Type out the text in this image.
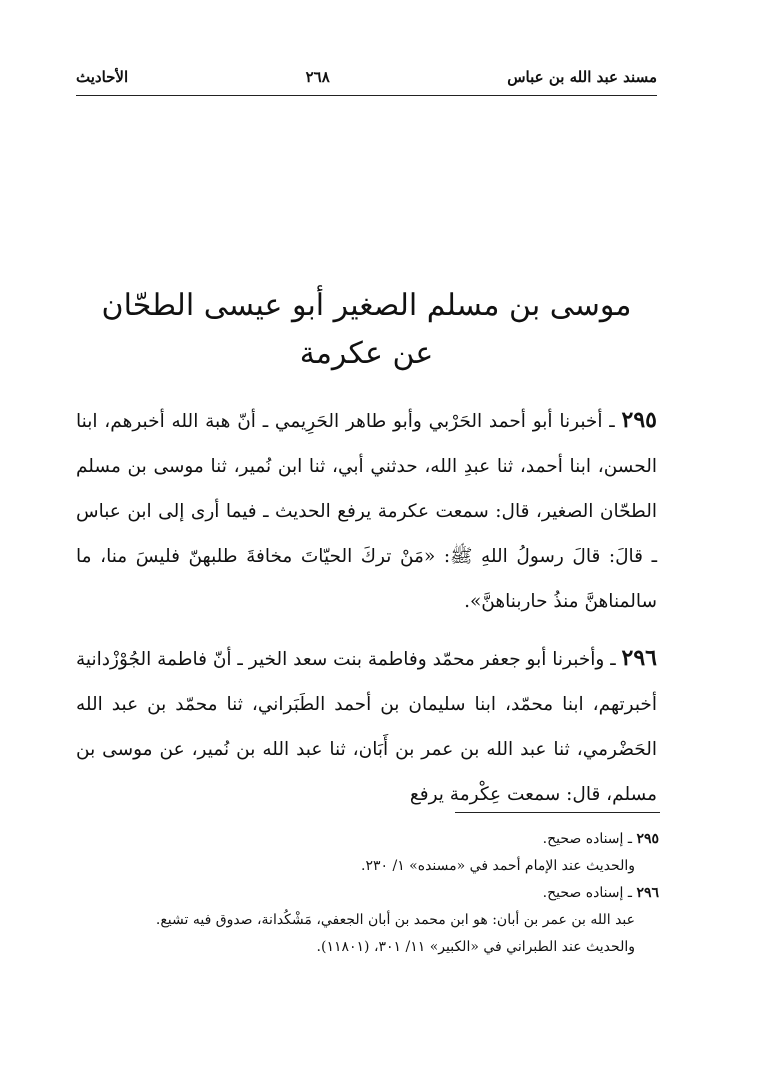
مسند عبد الله بن عباس
٢٦٨
الأحاديث
موسى بن مسلم الصغير أبو عيسى الطحّان
عن عكرمة

٢٩٥ ـ أخبرنا أبو أحمد الحَرْبي وأبو طاهر الحَرِيمي ـ أنّ هبة الله أخبرهم، ابنا الحسن، ابنا أحمد، ثنا عبدِ الله، حدثني أبي، ثنا ابن نُمير، ثنا موسى بن مسلم الطحّان الصغير، قال: سمعت عكرمة يرفع الحديث ـ فيما أرى إلى ابن عباس ـ قالَ: قالَ رسولُ اللهِ ﷺ: «مَنْ تركَ الحيّاتَ مخافةَ طلبهنّ فليسَ منا، ما سالمناهنَّ منذُ حاربناهنَّ».

٢٩٦ ـ وأخبرنا أبو جعفر محمّد وفاطمة بنت سعد الخير ـ أنّ فاطمة الجُوْزْدانية أخبرتهم، ابنا محمّد، ابنا سليمان بن أحمد الطَبَراني، ثنا محمّد بن عبد الله الحَضْرمي، ثنا عبد الله بن عمر بن أَبَان، ثنا عبد الله بن نُمير، عن موسى بن مسلم، قال: سمعت عِكْرمة يرفع

٢٩٥ ـ إسناده صحيح.

والحديث عند الإمام أحمد في «مسنده» ١/ ٢٣٠.

٢٩٦ ـ إسناده صحيح.

عبد الله بن عمر بن أبان: هو ابن محمد بن أبان الجعفي، مَشْكُدانة، صدوق فيه تشيع.

والحديث عند الطبراني في «الكبير» ١١/ ٣٠١، (١١٨٠١).
